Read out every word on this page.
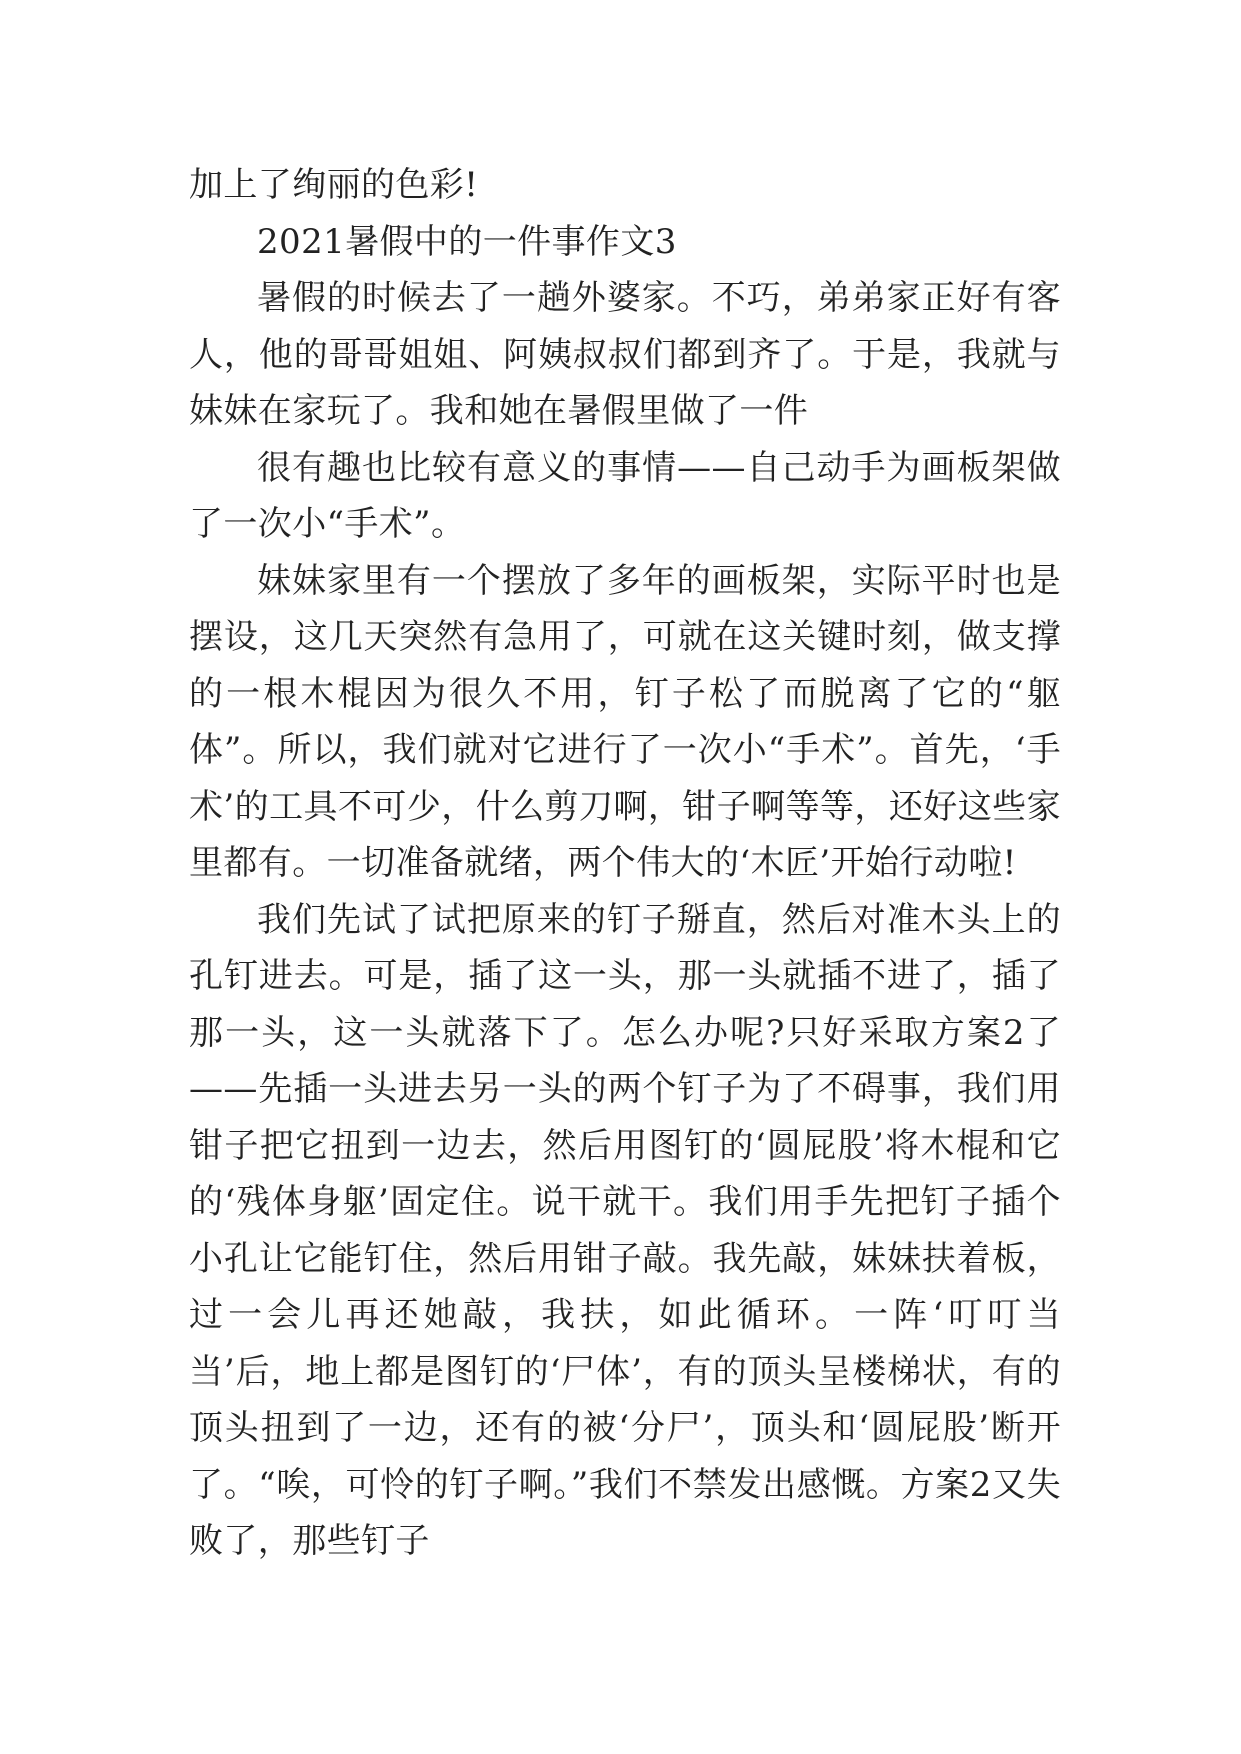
加上了绚丽的色彩!

2021暑假中的一件事作文3

暑假的时候去了一趟外婆家。不巧，弟弟家正好有客人，他的哥哥姐姐、阿姨叔叔们都到齐了。于是，我就与妹妹在家玩了。我和她在暑假里做了一件

很有趣也比较有意义的事情——自己动手为画板架做了一次小“手术”。

妹妹家里有一个摆放了多年的画板架，实际平时也是摆设，这几天突然有急用了，可就在这关键时刻，做支撑的一根木棍因为很久不用，钉子松了而脱离了它的“躯体”。所以，我们就对它进行了一次小“手术”。首先，‘手术’的工具不可少，什么剪刀啊，钳子啊等等，还好这些家里都有。一切准备就绪，两个伟大的‘木匠’开始行动啦!

我们先试了试把原来的钉子掰直，然后对准木头上的孔钉进去。可是，插了这一头，那一头就插不进了，插了那一头，这一头就落下了。怎么办呢?只好采取方案2了——先插一头进去另一头的两个钉子为了不碍事，我们用钳子把它扭到一边去，然后用图钉的‘圆屁股’将木棍和它的‘残体身躯’固定住。说干就干。我们用手先把钉子插个小孔让它能钉住，然后用钳子敲。我先敲，妹妹扶着板，过一会儿再还她敲，我扶，如此循环。一阵‘叮叮当当’后，地上都是图钉的‘尸体’，有的顶头呈楼梯状，有的顶头扭到了一边，还有的被‘分尸’，顶头和‘圆屁股’断开了。“唉，可怜的钉子啊。”我们不禁发出感慨。方案2又失败了，那些钉子
